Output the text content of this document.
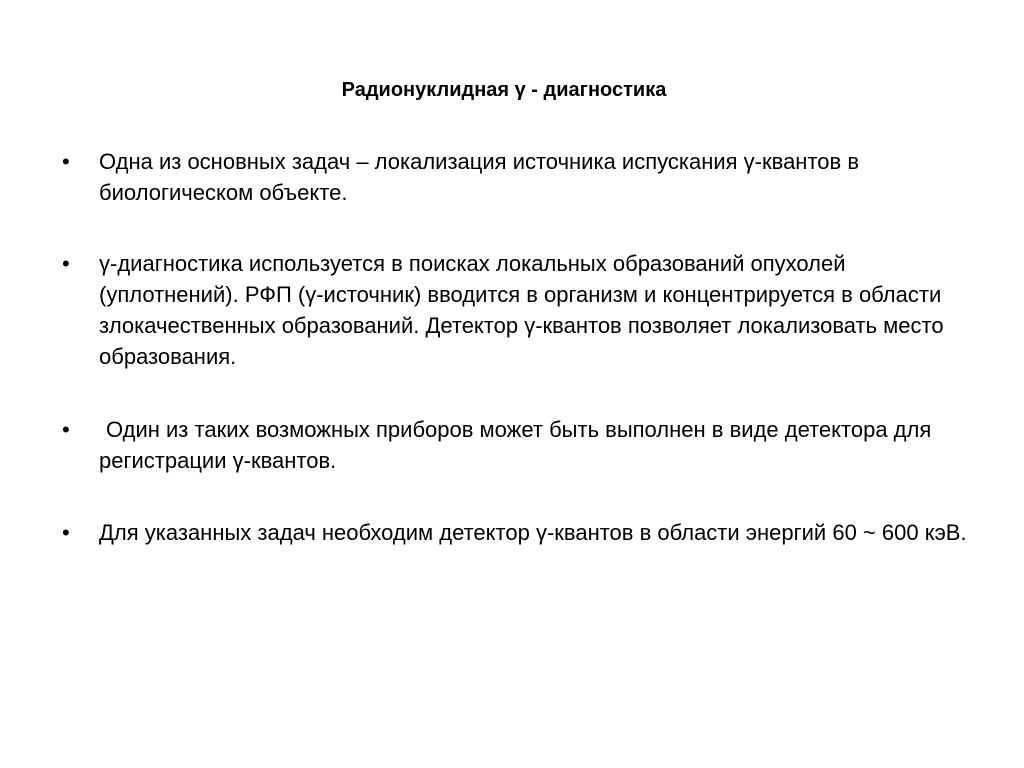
Радионуклидная γ - диагностика
• Одна из основных задач – локализация источника испускания γ-квантов в биологическом объекте.
• γ-диагностика используется в поисках локальных образований опухолей (уплотнений). РФП (γ-источник) вводится в организм и концентрируется в области злокачественных образований. Детектор γ-квантов позволяет локализовать место образования.
•	Один из таких возможных приборов может быть выполнен в виде детектора для регистрации γ-квантов.
• Для указанных задач необходим детектор γ-квантов в области энергий 60 ~ 600 кэВ.
